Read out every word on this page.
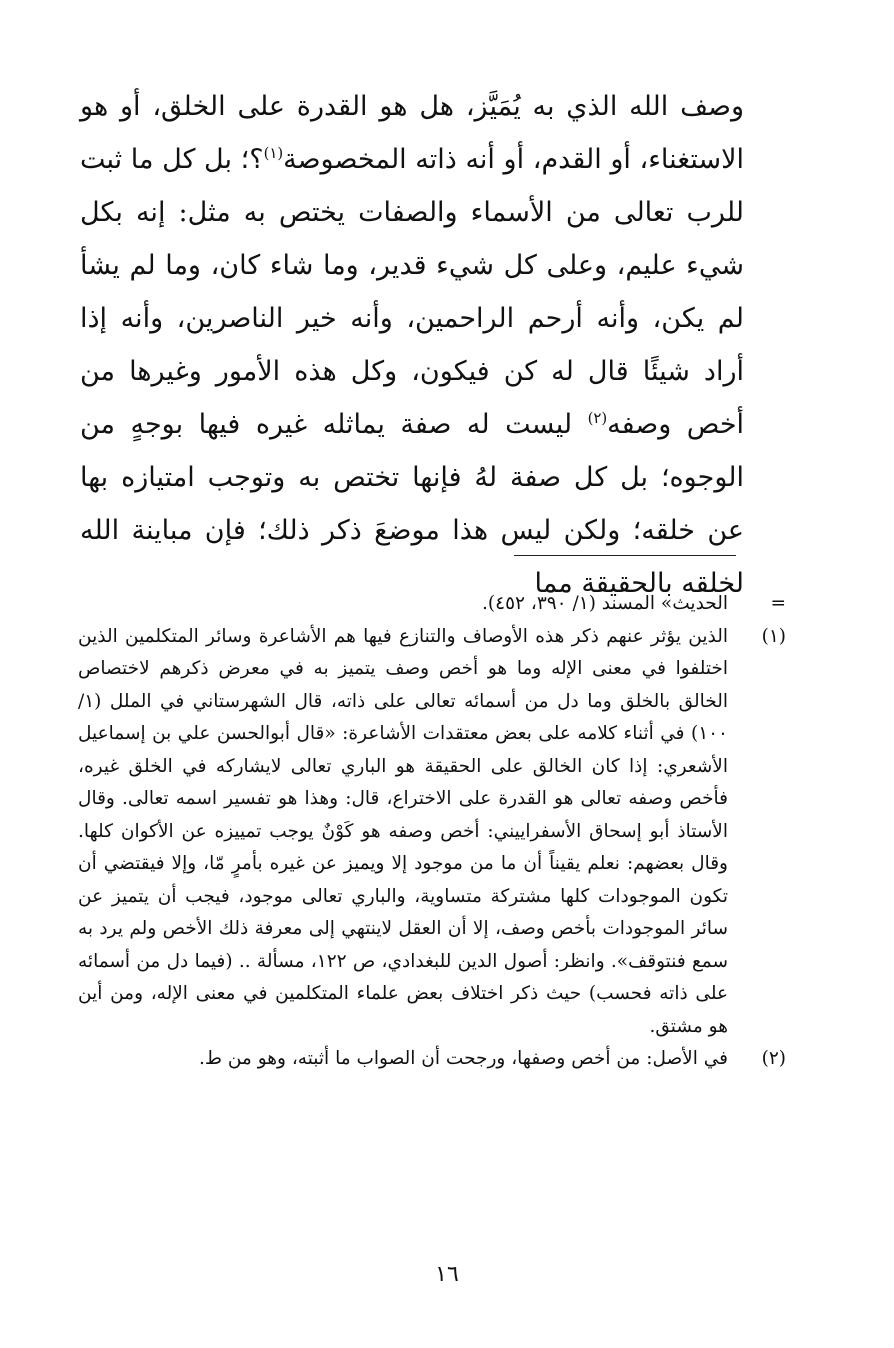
وصف الله الذي به يُمَيَّز، هل هو القدرة على الخلق، أو هو الاستغناء، أو القدم، أو أنه ذاته المخصوصة$^{(١)}$؟؛ بل كل ما ثبت للرب تعالى من الأسماء والصفات يختص به مثل: إنه بكل شيء عليم، وعلى كل شيء قدير، وما شاء كان، وما لم يشأ لم يكن، وأنه أرحم الراحمين، وأنه خير الناصرين، وأنه إذا أراد شيئًا قال له كن فيكون، وكل هذه الأمور وغيرها من أخص وصفه$^{(٢)}$ ليست له صفة يماثله غيره فيها بوجهٍ من الوجوه؛ بل كل صفة لهُ فإنها تختص به وتوجب امتيازه بها عن خلقه؛ ولكن ليس هذا موضعَ ذكر ذلك؛ فإن مباينة الله لخلقه بالحقيقة مما

=
الحديث» المسند (١/ ٣٩٠، ٤٥٢).
(١)
الذين يؤثر عنهم ذكر هذه الأوصاف والتنازع فيها هم الأشاعرة وسائر المتكلمين الذين اختلفوا في معنى الإله وما هو أخص وصف يتميز به في معرض ذكرهم لاختصاص الخالق بالخلق وما دل من أسمائه تعالى على ذاته، قال الشهرستاني في الملل (١/ ١٠٠) في أثناء كلامه على بعض معتقدات الأشاعرة: «قال أبوالحسن علي بن إسماعيل الأشعري: إذا كان الخالق على الحقيقة هو الباري تعالى لايشاركه في الخلق غيره، فأخص وصفه تعالى هو القدرة على الاختراع، قال: وهذا هو تفسير اسمه تعالى. وقال الأستاذ أبو إسحاق الأسفراييني: أخص وصفه هو كَوْنٌ يوجب تمييزه عن الأكوان كلها. وقال بعضهم: نعلم يقيناً أن ما من موجود إلا ويميز عن غيره بأمرٍ مّا، وإلا فيقتضي أن تكون الموجودات كلها مشتركة متساوية، والباري تعالى موجود، فيجب أن يتميز عن سائر الموجودات بأخص وصف، إلا أن العقل لاينتهي إلى معرفة ذلك الأخص ولم يرد به سمع فنتوقف». وانظر: أصول الدين للبغدادي، ص ١٢٢، مسألة .. (فيما دل من أسمائه على ذاته فحسب) حيث ذكر اختلاف بعض علماء المتكلمين في معنى الإله، ومن أين هو مشتق.
(٢)
في الأصل: من أخص وصفها، ورجحت أن الصواب ما أثبته، وهو من ط.
١٦
